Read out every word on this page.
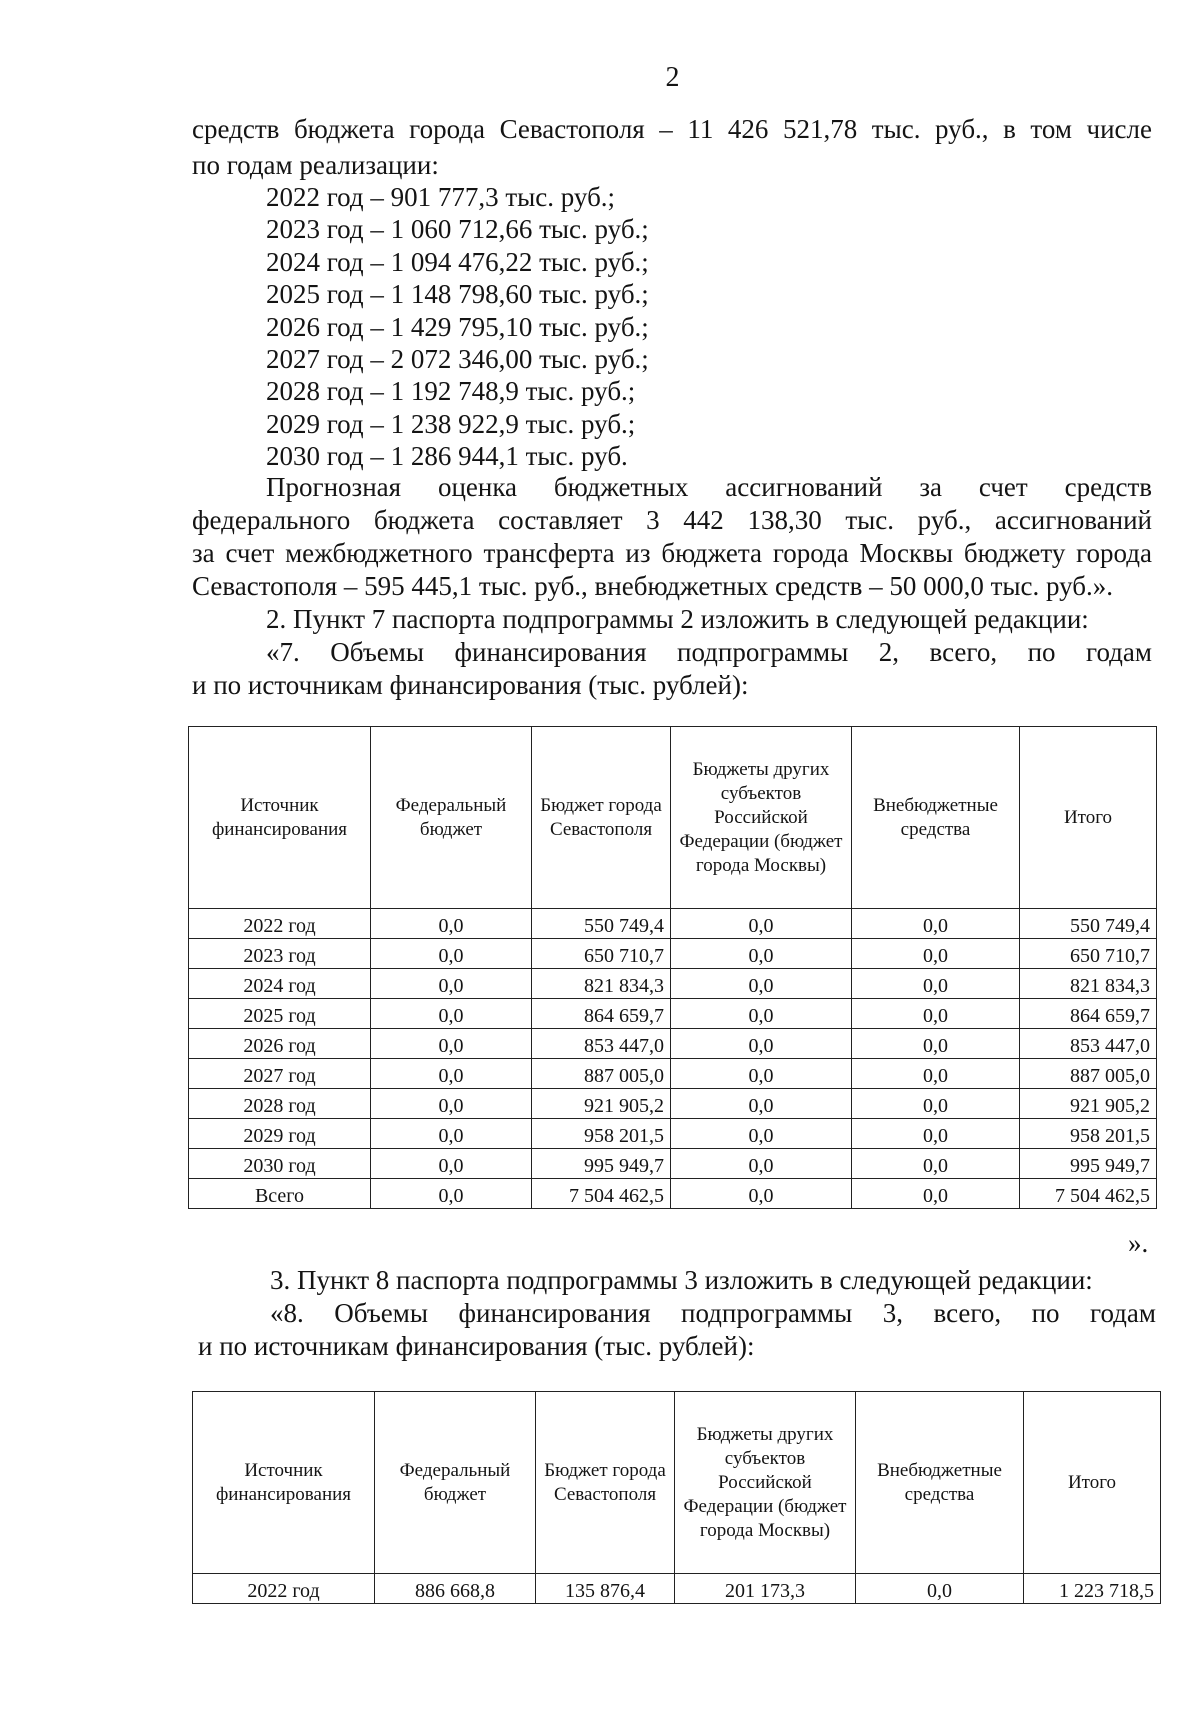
2

средств бюджета города Севастополя – 11 426 521,78 тыс. руб., в том числе

по годам реализации:

2022 год – 901 777,3 тыс. руб.;
2023 год – 1 060 712,66 тыс. руб.;
2024 год – 1 094 476,22 тыс. руб.;
2025 год – 1 148 798,60 тыс. руб.;
2026 год – 1 429 795,10 тыс. руб.;
2027 год – 2 072 346,00 тыс. руб.;
2028 год – 1 192 748,9 тыс. руб.;
2029 год – 1 238 922,9 тыс. руб.;
2030 год – 1 286 944,1 тыс. руб.

Прогнозная оценка бюджетных ассигнований за счет средств

федерального бюджета составляет 3 442 138,30 тыс. руб., ассигнований

за счет межбюджетного трансферта из бюджета города Москвы бюджету города

Севастополя – 595 445,1 тыс. руб., внебюджетных средств – 50 000,0 тыс. руб.».

2. Пункт 7 паспорта подпрограммы 2 изложить в следующей редакции:

«7. Объемы финансирования подпрограммы 2, всего, по годам

и по источникам финансирования (тыс. рублей):

Источник финансирования	Федеральный бюджет	Бюджет города Севастополя	Бюджеты других субъектов Российской Федерации (бюджет города Москвы)	Внебюджетные средства	Итого
2022 год	0,0	550 749,4	0,0	0,0	550 749,4
2023 год	0,0	650 710,7	0,0	0,0	650 710,7
2024 год	0,0	821 834,3	0,0	0,0	821 834,3
2025 год	0,0	864 659,7	0,0	0,0	864 659,7
2026 год	0,0	853 447,0	0,0	0,0	853 447,0
2027 год	0,0	887 005,0	0,0	0,0	887 005,0
2028 год	0,0	921 905,2	0,0	0,0	921 905,2
2029 год	0,0	958 201,5	0,0	0,0	958 201,5
2030 год	0,0	995 949,7	0,0	0,0	995 949,7
Всего	0,0	7 504 462,5	0,0	0,0	7 504 462,5
».

3. Пункт 8 паспорта подпрограммы 3 изложить в следующей редакции:

«8. Объемы финансирования подпрограммы 3, всего, по годам

и по источникам финансирования (тыс. рублей):

Источник финансирования	Федеральный бюджет	Бюджет города Севастополя	Бюджеты других субъектов Российской Федерации (бюджет города Москвы)	Внебюджетные средства	Итого
2022 год	886 668,8	135 876,4	201 173,3	0,0	1 223 718,5
